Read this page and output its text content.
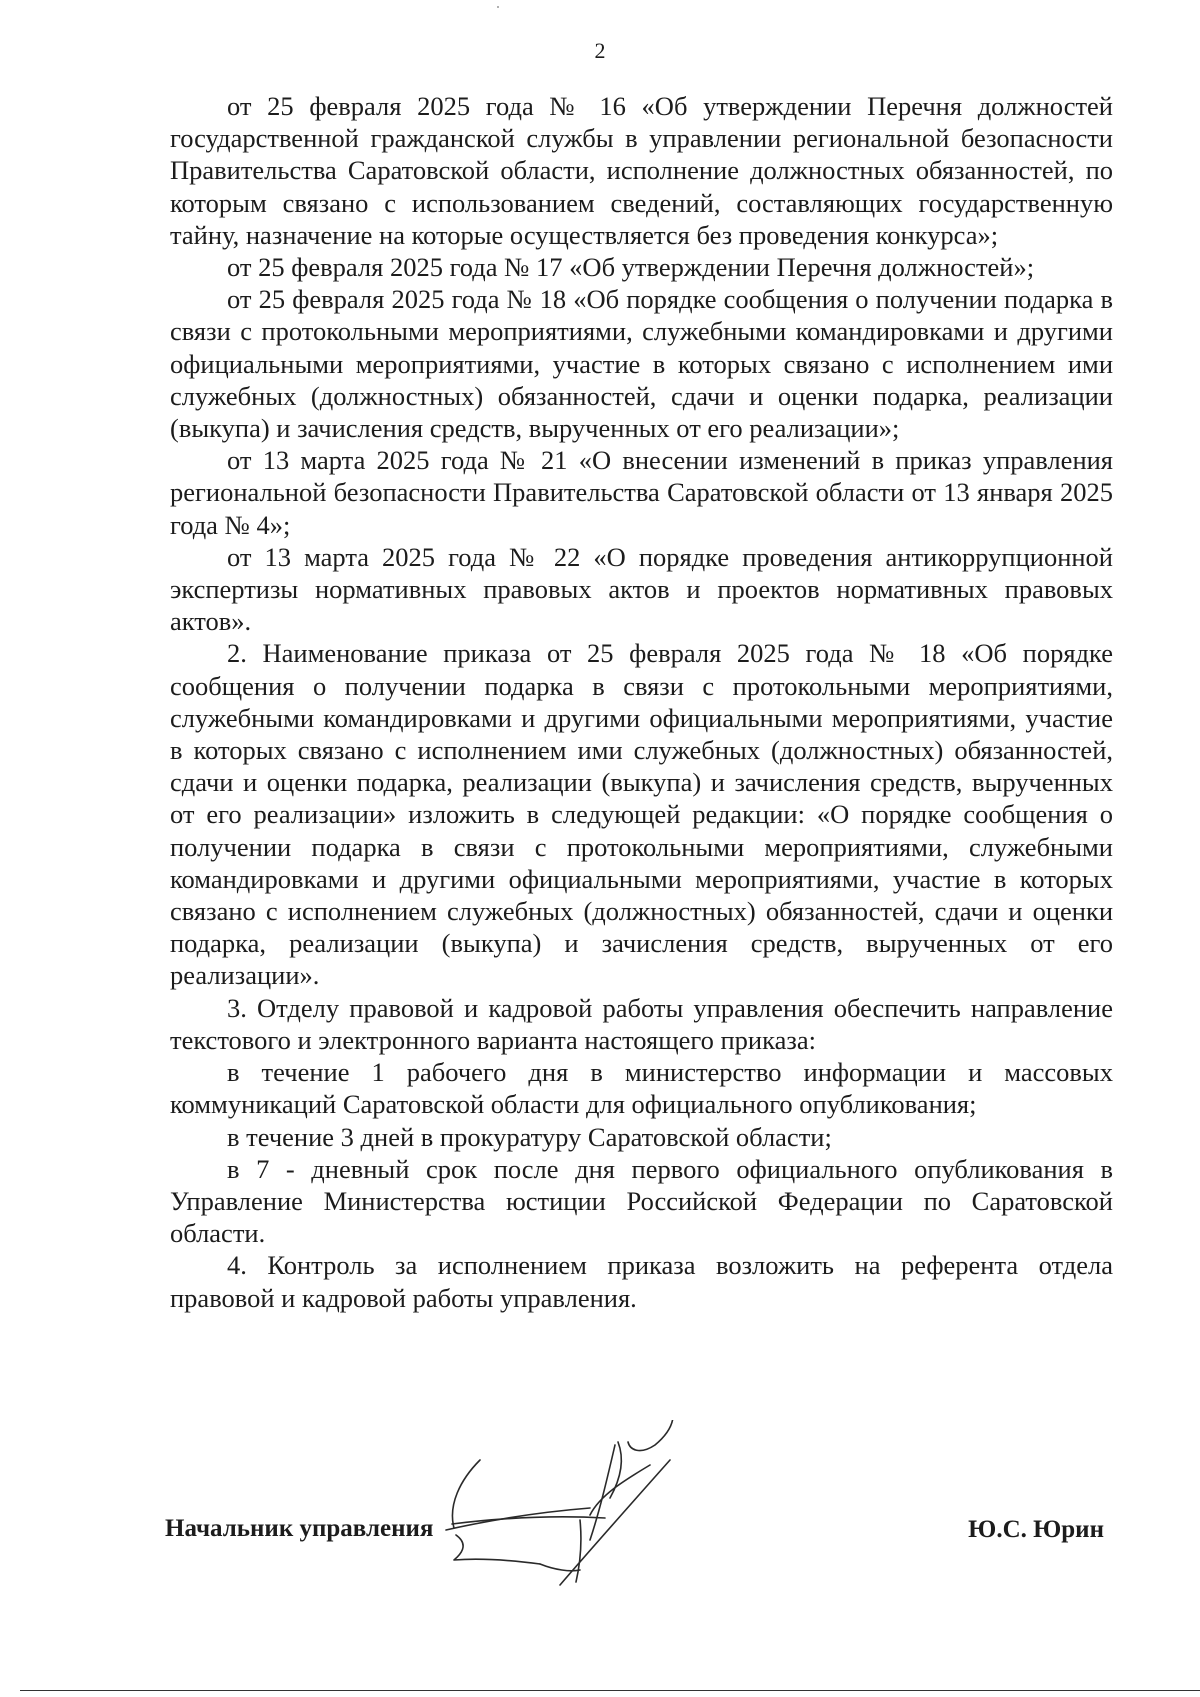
2

от 25 февраля 2025 года № 16 «Об утверждении Перечня должностей государственной гражданской службы в управлении региональной безопасности Правительства Саратовской области, исполнение должностных обязанностей, по которым связано с использованием сведений, составляющих государственную тайну, назначение на которые осуществляется без проведения конкурса»;

от 25 февраля 2025 года № 17 «Об утверждении Перечня должностей»;

от 25 февраля 2025 года № 18 «Об порядке сообщения о получении подарка в связи с протокольными мероприятиями, служебными командировками и другими официальными мероприятиями, участие в которых связано с исполнением ими служебных (должностных) обязанностей, сдачи и оценки подарка, реализации (выкупа) и зачисления средств, вырученных от его реализации»;

от 13 марта 2025 года № 21 «О внесении изменений в приказ управления региональной безопасности Правительства Саратовской области от 13 января 2025 года № 4»;

от 13 марта 2025 года № 22 «О порядке проведения антикоррупционной экспертизы нормативных правовых актов и проектов нормативных правовых актов».

2. Наименование приказа от 25 февраля 2025 года № 18 «Об порядке сообщения о получении подарка в связи с протокольными мероприятиями, служебными командировками и другими официальными мероприятиями, участие в которых связано с исполнением ими служебных (должностных) обязанностей, сдачи и оценки подарка, реализации (выкупа) и зачисления средств, вырученных от его реализации» изложить в следующей редакции: «О порядке сообщения о получении подарка в связи с протокольными мероприятиями, служебными командировками и другими официальными мероприятиями, участие в которых связано с исполнением служебных (должностных) обязанностей, сдачи и оценки подарка, реализации (выкупа) и зачисления средств, вырученных от его реализации».

3. Отделу правовой и кадровой работы управления обеспечить направление текстового и электронного варианта настоящего приказа:

в течение 1 рабочего дня в министерство информации и массовых коммуникаций Саратовской области для официального опубликования;

в течение 3 дней в прокуратуру Саратовской области;

в 7 - дневный срок после дня первого официального опубликования в Управление Министерства юстиции Российской Федерации по Саратовской области.

4. Контроль за исполнением приказа возложить на референта отдела правовой и кадровой работы управления.

Начальник управления	Ю.С. Юрин
